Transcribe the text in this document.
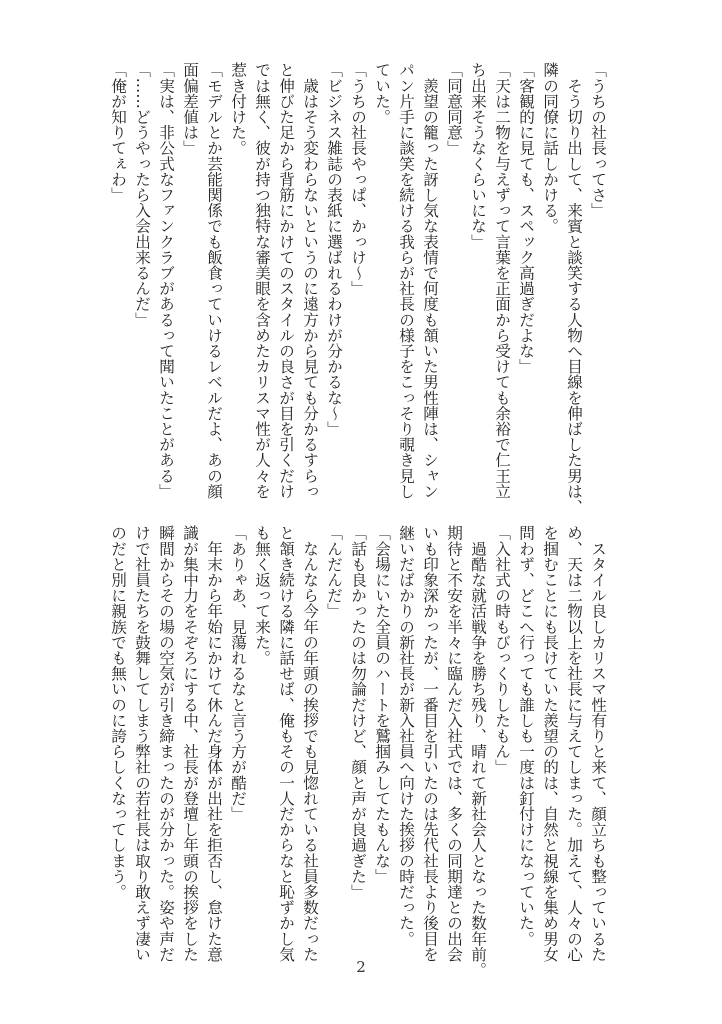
「うちの社長ってさ」
　そう切り出して、来賓と談笑する人物へ目線を伸ばした男は、
隣の同僚に話しかける。
「客観的に見ても、スペック高過ぎだよな」
「天は二物を与えずって言葉を正面から受けても余裕で仁王立
ち出来そうなくらいにな」
「同意同意」
　羨望の籠った訝し気な表情で何度も頷いた男性陣は、シャン
パン片手に談笑を続ける我らが社長の様子をこっそり覗き見し
ていた。
「うちの社長やっぱ、かっけ～」
「ビジネス雑誌の表紙に選ばれるわけが分かるな～」
　歳はそう変わらないというのに遠方から見ても分かるすらっ
と伸びた足から背筋にかけてのスタイルの良さが目を引くだけ
では無く、彼が持つ独特な審美眼を含めたカリスマ性が人々を
惹き付けた。
「モデルとか芸能関係でも飯食っていけるレベルだよ、あの顔
面偏差値は」
「実は、非公式なファンクラブがあるって聞いたことがある」
「……どうやったら入会出来るんだ」
「俺が知りてぇわ」
　スタイル良しカリスマ性有りと来て、顔立ちも整っているた
め、天は二物以上を社長に与えてしまった。加えて、人々の心
を掴むことにも長けていた羨望の的は、自然と視線を集め男女
問わず、どこへ行っても誰しも一度は釘付けになっていた。
「入社式の時もびっくりしたもん」
　過酷な就活戦争を勝ち残り、晴れて新社会人となった数年前。
期待と不安を半々に臨んだ入社式では、多くの同期達との出会
いも印象深かったが、一番目を引いたのは先代社長より後目を
継いだばかりの新社長が新入社員へ向けた挨拶の時だった。
「会場にいた全員のハートを鷲掴みしてたもんな」
「話も良かったのは勿論だけど、顔と声が良過ぎた」
「んだんだ」
　なんなら今年の年頭の挨拶でも見惚れている社員多数だった
と頷き続ける隣に話せば、俺もその一人だからなと恥ずかし気
も無く返って来た。
「ありゃあ、見蕩れるなと言う方が酷だ」
　年末から年始にかけて休んだ身体が出社を拒否し、怠けた意
識が集中力をそぞろにする中、社長が登壇し年頭の挨拶をした
瞬間からその場の空気が引き締まったのが分かった。姿や声だ
けで社員たちを鼓舞してしまう弊社の若社長は取り敢えず凄い
のだと別に親族でも無いのに誇らしくなってしまう。
2
